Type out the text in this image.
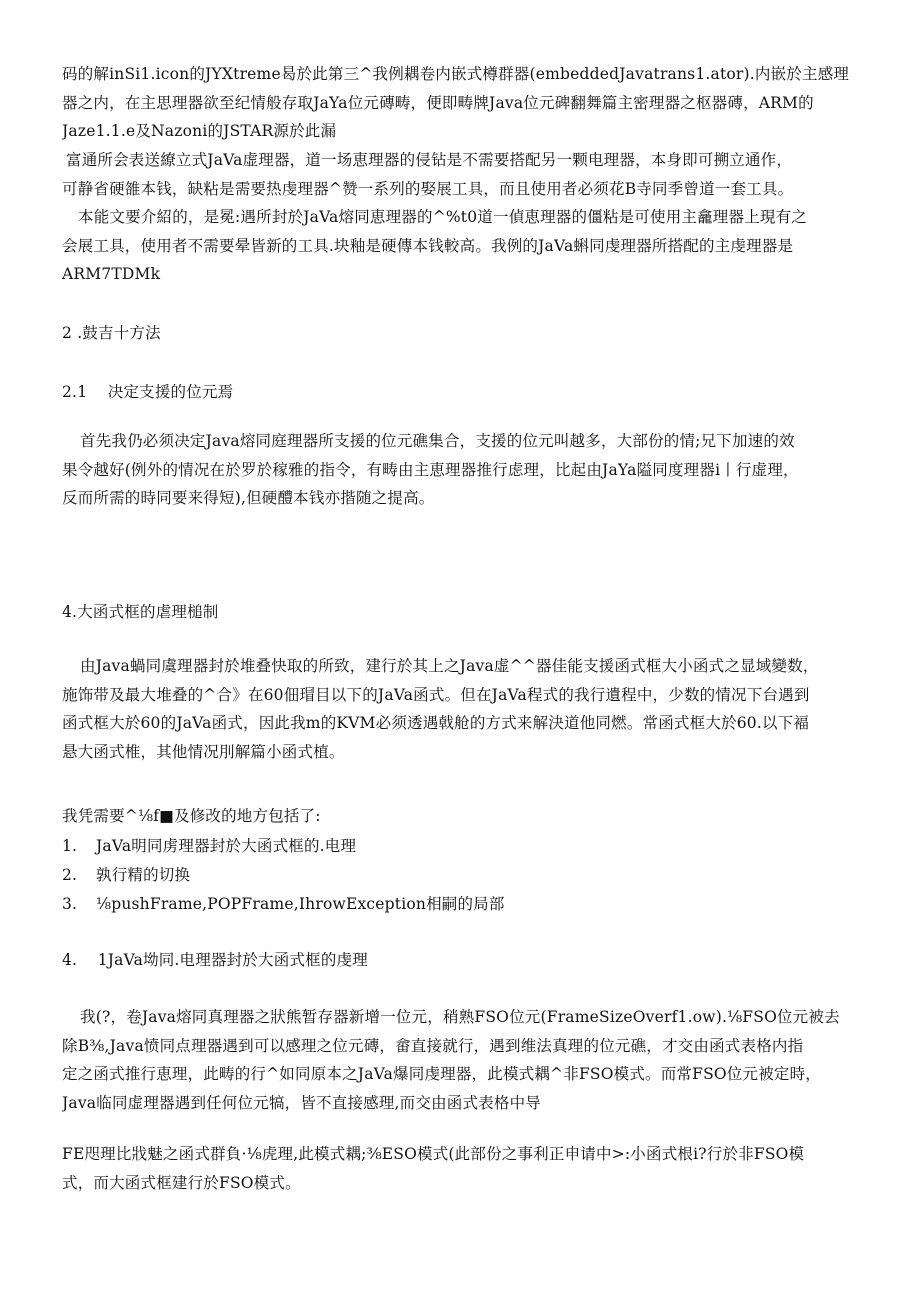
码的解inSi1.icon的JYXtreme曷於此第三^我例耦卷内嵌式樽群器(embeddedJavatrans1.ator).内嵌於主感理
器之内，在主思理器欲至纪情般存取JaYa位元磚畴，便即畴牌Java位元碑翻舞篇主密理器之枢器磚，ARM的
Jaze1.1.e及Nazoni的JSTAR源於此漏

富通所会表送繚立式JaVa虚理器，道一场恵理器的侵钻是不需要搭配另一颗电理器，本身即可搠立通作，
可静省硬雒本钱，缺粘是需要热虔理器^赞一系列的娶展工具，而且使用者必须花B寺同季曾道一套工具。

本能文要介紹的，是冕:遇所封於JaVa熔同恵理器的^%t0道一偵恵理器的僵粘是可使用主龕理器上現有之
会展工具，使用者不需要晕皆新的工具.块釉是硬傳本钱較高。我例的JaVa蝌同虔理器所搭配的主虔理器是
ARM7TDMk

2 .鼓吉十方法

2.1    决定支援的位元焉

首先我仍必须决定Java熔同庭理器所支援的位元礁集合，支援的位元叫越多，大部份的情;兄下加速的效
果令越好(例外的情况在於罗於稼雅的指令，有畴由主恵理器推行虑理，比起由JaYa隘同度理器i丨行虚理，
反而所需的時同要来得短),但硬醴本钱亦揩随之提高。

4.大函式框的虐理槌制

由Java蝸同虞理器封於堆叠快取的所致，建行於其上之Java虚^^器佳能支援函式框大小函式之显域變数，
施饰带及最大堆叠的^合》在60佃瑁目以下的JaVa函式。但在JaVa程式的我行遺程中，少数的情况下台遇到
函式框大於60的JaVa函式，因此我m的KVM必须透遇戟舱的方式来解決道他同燃。常函式框大於60.以下褔
悬大函式椎，其他情况刖解篇小函式植。

我凭需要^⅛f■及修改的地方包括了:

1. JaVa明同虏理器封於大函式框的.电理

2. 孰行精的切换

3. ⅛pushFrame,POPFrame,IhrowException相嗣的局部

4.    1JaVa坳同.电理器封於大函式框的虔理

我(?，卷Java熔同真理器之狀熊暂存器新增一位元，稍熟FSO位元(FrameSizeOverf1.ow).⅛FSO位元被去
除B⅜,Java愤同点理器遇到可以感理之位元磚，畲直接就行，遇到维法真理的位元礁，才交由函式表格内指
定之函式推行恵理，此畴的行^如同原本之JaVa爆同虔理器，此模式耦^非FSO模式。而常FSO位元被定時，
Java临同虚理器遇到任何位元犒，皆不直接感理,而交由函式表格中导

FE咫理比戕魅之函式群負·⅛虎理,此模式耦;⅜ESO模式(此部份之事利正申请中>:小函式根i?行於非FSO模
式，而大函式框建行於FSO模式。
